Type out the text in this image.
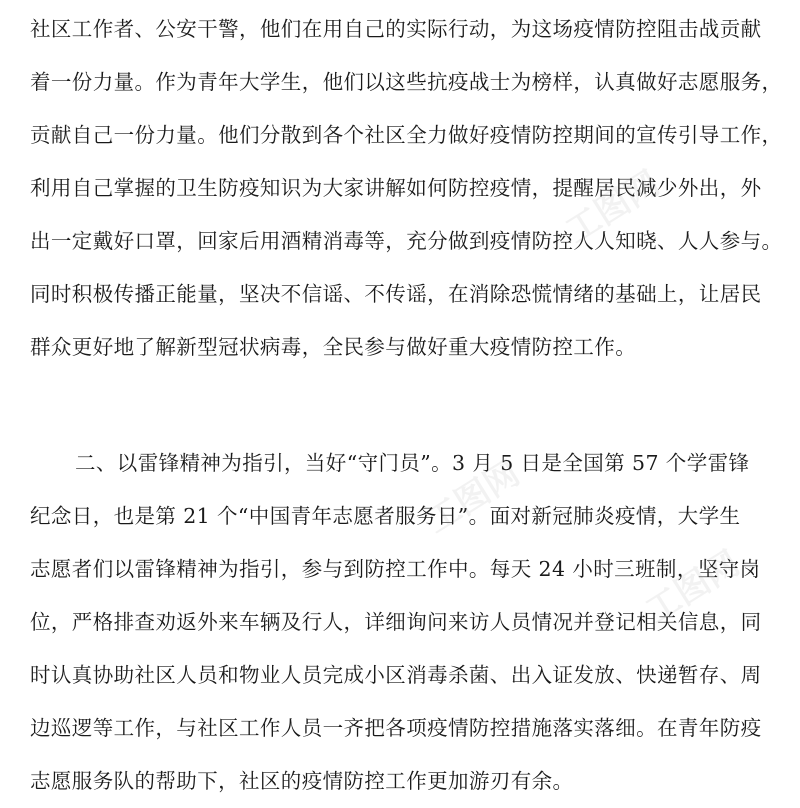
社区工作者、公安干警，他们在用自己的实际行动，为这场疫情防控阻击战贡献
着一份力量。作为青年大学生，他们以这些抗疫战士为榜样，认真做好志愿服务，
贡献自己一份力量。他们分散到各个社区全力做好疫情防控期间的宣传引导工作，
利用自己掌握的卫生防疫知识为大家讲解如何防控疫情，提醒居民减少外出，外
出一定戴好口罩，回家后用酒精消毒等，充分做到疫情防控人人知晓、人人参与。
同时积极传播正能量，坚决不信谣、不传谣，在消除恐慌情绪的基础上，让居民
群众更好地了解新型冠状病毒，全民参与做好重大疫情防控工作。
二、以雷锋精神为指引，当好“守门员”。3 月 5 日是全国第 57 个学雷锋
纪念日，也是第 21 个“中国青年志愿者服务日”。面对新冠肺炎疫情，大学生
志愿者们以雷锋精神为指引，参与到防控工作中。每天 24 小时三班制，坚守岗
位，严格排查劝返外来车辆及行人，详细询问来访人员情况并登记相关信息，同
时认真协助社区人员和物业人员完成小区消毒杀菌、出入证发放、快递暂存、周
边巡逻等工作，与社区工作人员一齐把各项疫情防控措施落实落细。在青年防疫
志愿服务队的帮助下，社区的疫情防控工作更加游刃有余。
工图网
工图网
工图网
